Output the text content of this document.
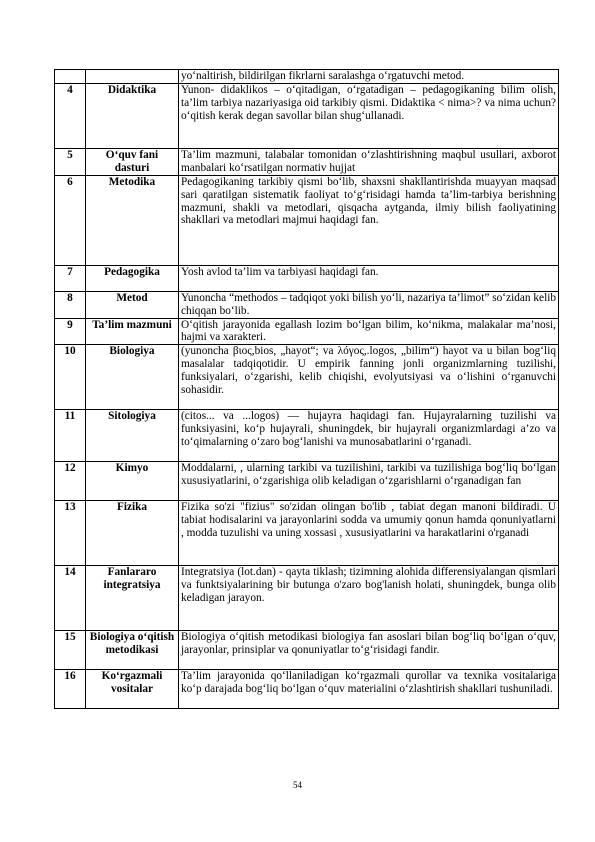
		yo‘naltirish, bildirilgan fikrlarni saralashga o‘rgatuvchi metod.
4	Didaktika	Yunon- didaklikos – o‘qitadigan, o‘rgatadigan – pedagogikaning bilim olish, ta’lim tarbiya nazariyasiga oid tarkibiy qismi. Didaktika < nima>? va nima uchun? o‘qitish kerak degan savollar bilan shug‘ullanadi.
5	O‘quv fani dasturi	Ta’lim mazmuni, talabalar tomonidan o‘zlashtirishning maqbul usullari, axborot manbalari ko‘rsatilgan normativ hujjat
6	Metodika	Pedagogikaning tarkibiy qismi bo‘lib, shaxsni shakllantirishda muayyan maqsad sari qaratilgan sistematik faoliyat to‘g‘risidagi hamda ta’lim-tarbiya berishning mazmuni, shakli va metodlari, qisqacha aytganda, ilmiy bilish faoliyatining shakllari va metodlari majmui haqidagi fan.
7	Pedagogika	Yosh avlod ta’lim va tarbiyasi haqidagi fan.
8	Metod	Yunoncha “methodos – tadqiqot yoki bilish yo‘li, nazariya ta’limot” so‘zidan kelib chiqqan bo‘lib.
9	Ta’lim mazmuni	O‘qitish jarayonida egallash lozim bo‘lgan bilim, ko‘nikma, malakalar ma’nosi, hajmi va xarakteri.
10	Biologiya	(yunoncha βιος,bios, „hayot“; va λóγος,.logos, „bilim“) hayot va u bilan bog‘liq masalalar tadqiqotidir. U empirik fanning jonli organizmlarning tuzilishi, funksiyalari, o‘zgarishi, kelib chiqishi, evolyutsiyasi va o‘lishini o‘rganuvchi sohasidir.
11	Sitologiya	(citos... va ...logos) — hujayra haqidagi fan. Hujayralarning tuzilishi va funksiyasini, ko‘p hujayrali, shuningdek, bir hujayrali organizmlardagi a’zo va to‘qimalarning o‘zaro bog‘lanishi va munosabatlarini o‘rganadi.
12	Kimyo	Moddalarni, , ularning tarkibi va tuzilishini, tarkibi va tuzilishiga bog‘liq bo‘lgan xususiyatlarini, o‘zgarishiga olib keladigan o‘zgarishlarni o‘rganadigan fan
13	Fizika	Fizika so'zi "fizius" so'zidan olingan bo'lib , tabiat degan manoni bildiradi. U tabiat hodisalarini va jarayonlarini sodda va umumiy qonun hamda qonuniyatlarni , modda tuzulishi va uning xossasi , xususiyatlarini va harakatlarini o'rganadi
14	Fanlararo integratsiya	Integratsiya (lot.dan) - qayta tiklash; tizimning alohida differensiyalangan qismlari va funktsiyalarining bir butunga o'zaro bog'lanish holati, shuningdek, bunga olib keladigan jarayon.
15	Biologiya o‘qitish metodikasi	Biologiya o‘qitish metodikasi biologiya fan asoslari bilan bog‘liq bo‘lgan o‘quv, jarayonlar, prinsiplar va qonuniyatlar to‘g‘risidagi fandir.
16	Ko‘rgazmali vositalar	Ta’lim jarayonida qo‘llaniladigan ko‘rgazmali qurollar va texnika vositalariga ko‘p darajada bog‘liq bo‘lgan o‘quv materialini o‘zlashtirish shakllari tushuniladi.
54
